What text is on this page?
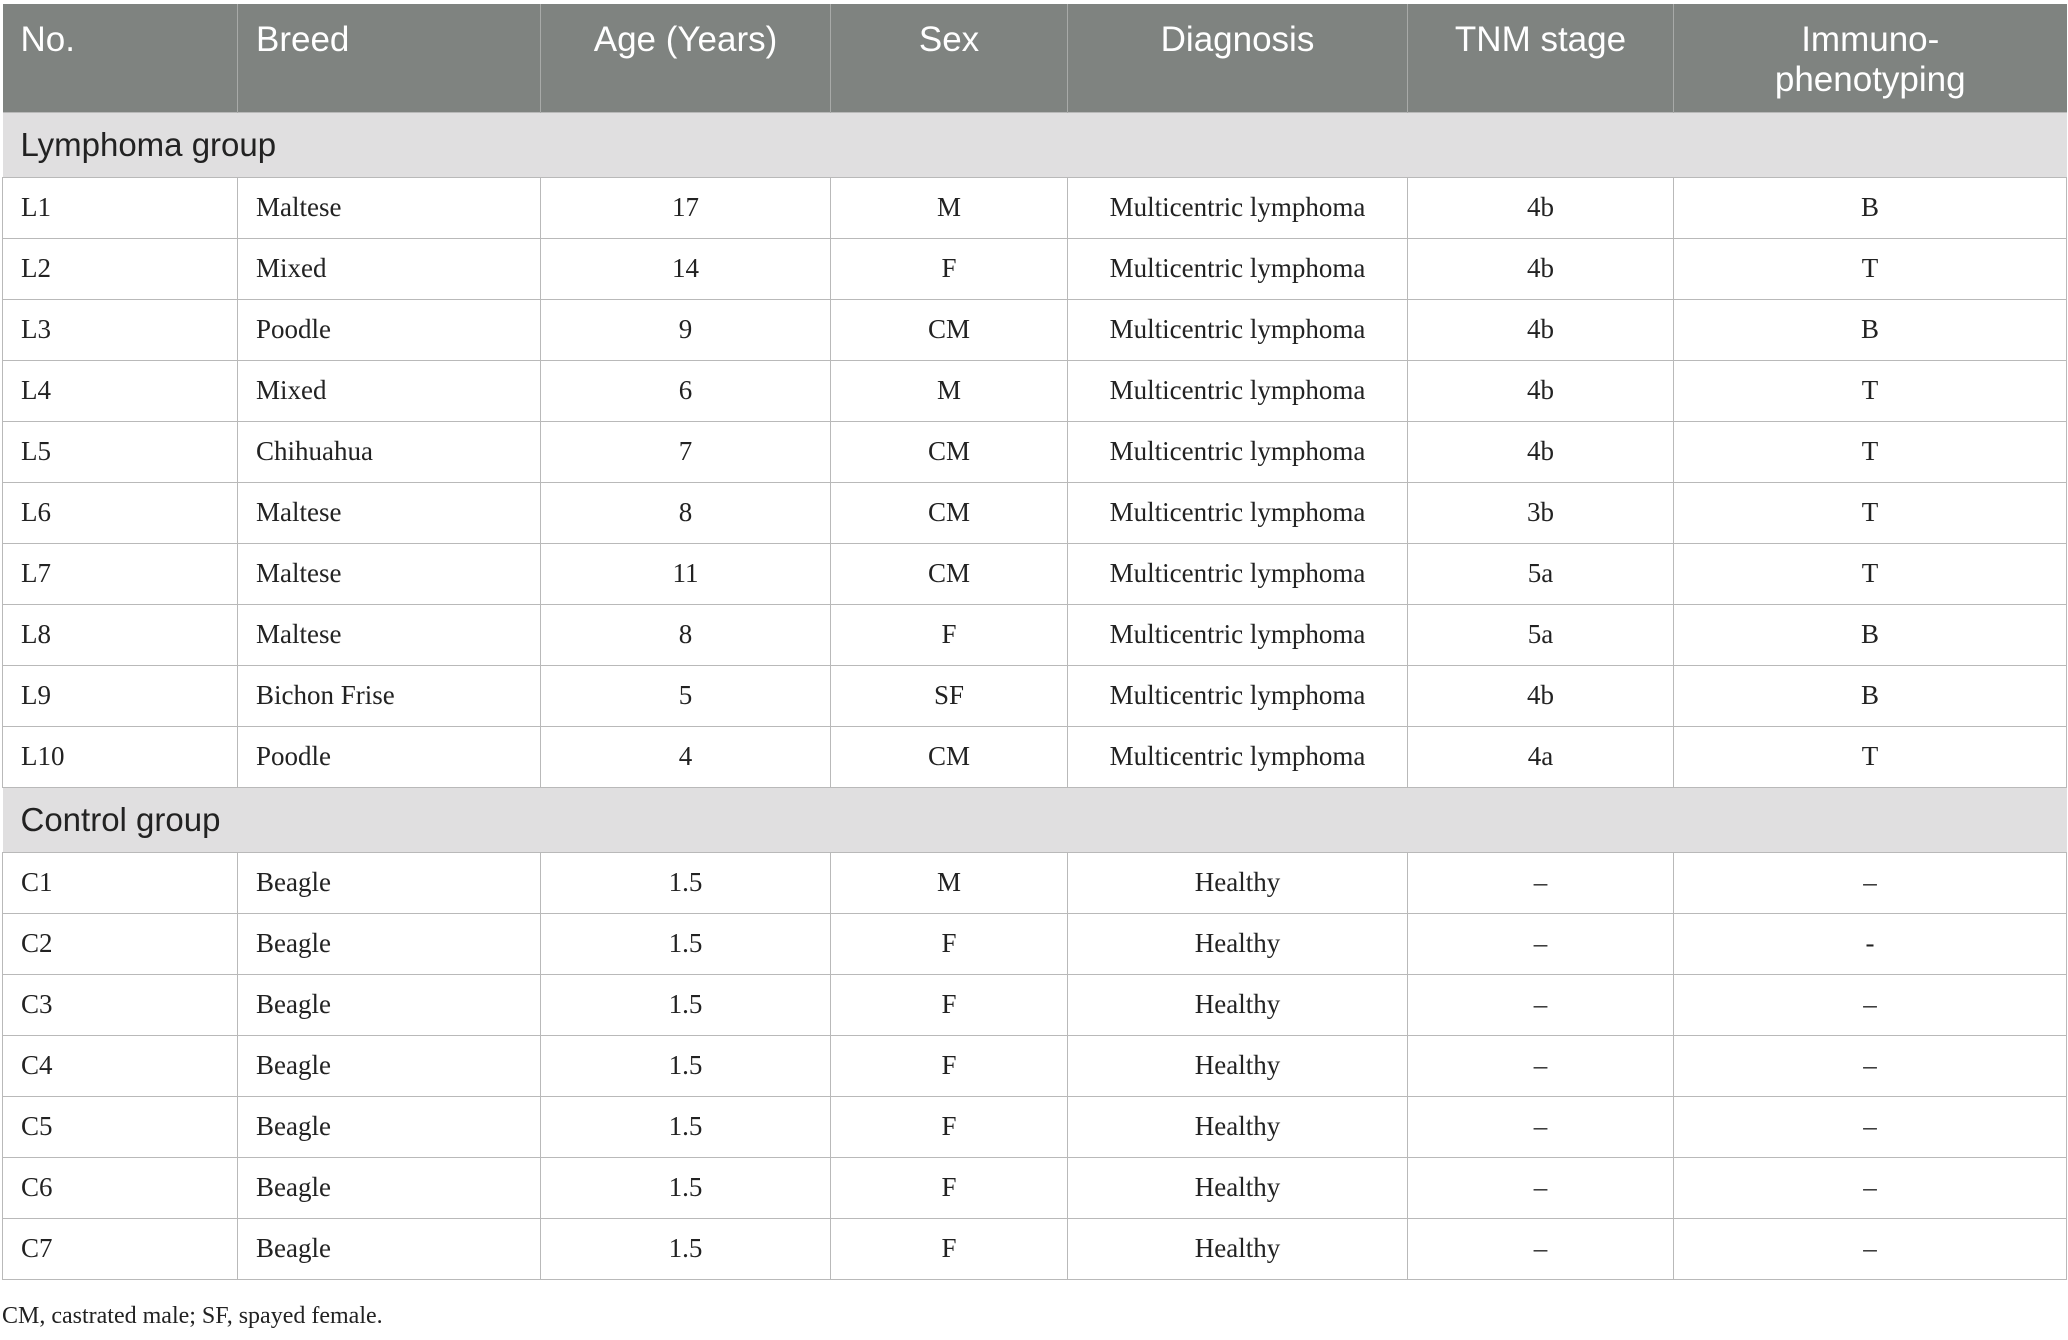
No.	Breed	Age (Years)	Sex	Diagnosis	TNM stage	Immuno-
phenotyping
Lymphoma group						
L1	Maltese	17	M	Multicentric lymphoma	4b	B
L2	Mixed	14	F	Multicentric lymphoma	4b	T
L3	Poodle	9	CM	Multicentric lymphoma	4b	B
L4	Mixed	6	M	Multicentric lymphoma	4b	T
L5	Chihuahua	7	CM	Multicentric lymphoma	4b	T
L6	Maltese	8	CM	Multicentric lymphoma	3b	T
L7	Maltese	11	CM	Multicentric lymphoma	5a	T
L8	Maltese	8	F	Multicentric lymphoma	5a	B
L9	Bichon Frise	5	SF	Multicentric lymphoma	4b	B
L10	Poodle	4	CM	Multicentric lymphoma	4a	T
Control group						
C1	Beagle	1.5	M	Healthy	–	–
C2	Beagle	1.5	F	Healthy	–	-
C3	Beagle	1.5	F	Healthy	–	–
C4	Beagle	1.5	F	Healthy	–	–
C5	Beagle	1.5	F	Healthy	–	–
C6	Beagle	1.5	F	Healthy	–	–
C7	Beagle	1.5	F	Healthy	–	–
CM, castrated male; SF, spayed female.
